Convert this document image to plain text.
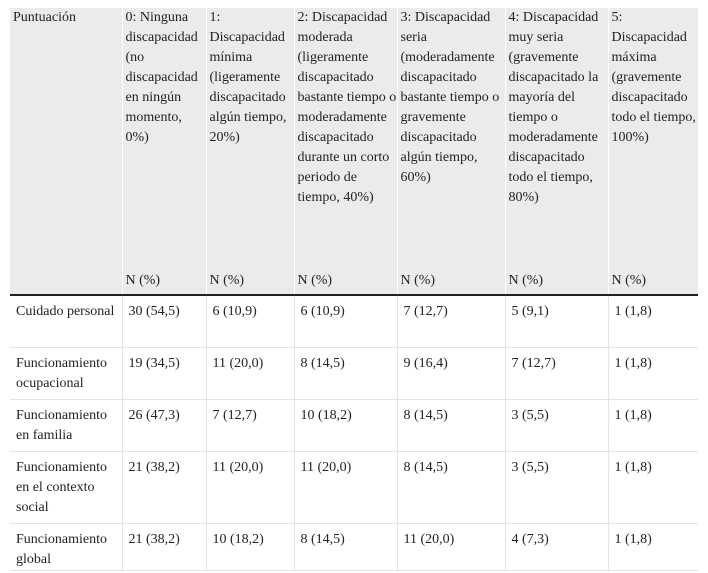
Puntuación	0: Ninguna discapacidad (no discapacidad en ningún momento, 0%)	1: Discapacidad mínima (ligeramente discapacitado algún tiempo, 20%)	2: Discapacidad moderada (ligeramente discapacitado bastante tiempo o moderadamente discapacitado durante un corto periodo de tiempo, 40%)	3: Discapacidad seria (moderadamente discapacitado bastante tiempo o gravemente discapacitado algún tiempo, 60%)	4: Discapacidad muy seria (gravemente discapacitado la mayoría del tiempo o moderadamente discapacitado todo el tiempo, 80%)	5: Discapacidad máxima (gravemente discapacitado todo el tiempo, 100%)
	N (%)	N (%)	N (%)	N (%)	N (%)	N (%)
Cuidado personal	30 (54,5)	6 (10,9)	6 (10,9)	7 (12,7)	5 (9,1)	1 (1,8)
Funcionamiento ocupacional	19 (34,5)	11 (20,0)	8 (14,5)	9 (16,4)	7 (12,7)	1 (1,8)
Funcionamiento en familia	26 (47,3)	7 (12,7)	10 (18,2)	8 (14,5)	3 (5,5)	1 (1,8)
Funcionamiento en el contexto social	21 (38,2)	11 (20,0)	11 (20,0)	8 (14,5)	3 (5,5)	1 (1,8)
Funcionamiento global	21 (38,2)	10 (18,2)	8 (14,5)	11 (20,0)	4 (7,3)	1 (1,8)
